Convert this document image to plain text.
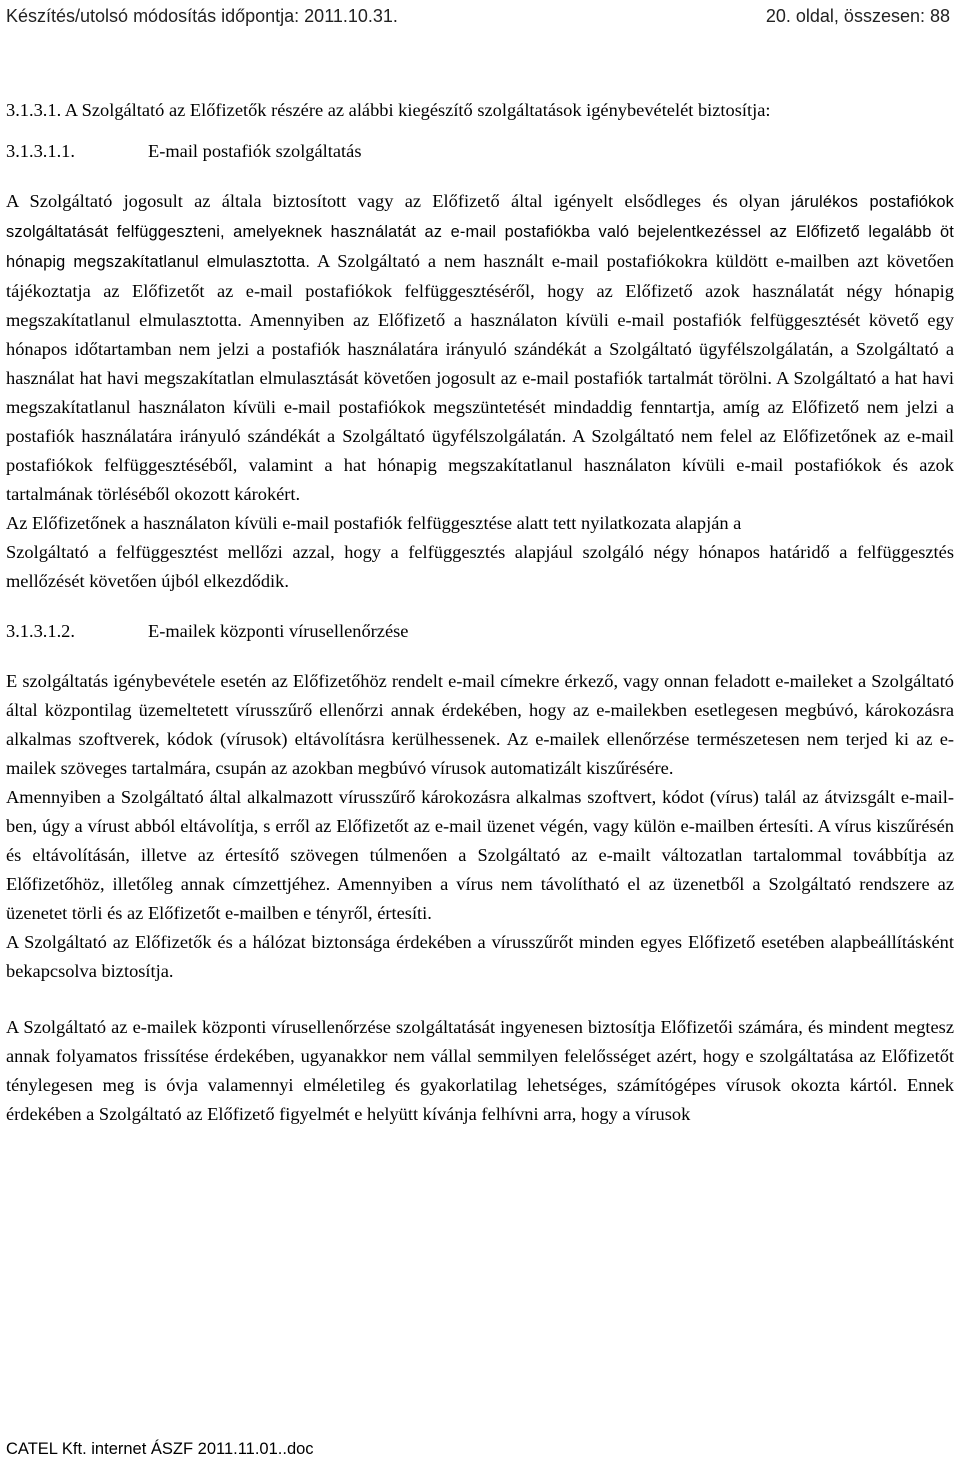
Készítés/utolsó módosítás időpontja: 2011.10.31.	20. oldal, összesen: 88

3.1.3.1. A Szolgáltató az Előfizetők részére az alábbi kiegészítő szolgáltatások igénybevételét biztosítja:

3.1.3.1.1.	E-mail postafiók szolgáltatás

A Szolgáltató jogosult az általa biztosított vagy az Előfizető által igényelt elsődleges és olyan járulékos postafiókok szolgáltatását felfüggeszteni, amelyeknek használatát az e-mail postafiókba való bejelentkezéssel az Előfizető legalább öt hónapig megszakítatlanul elmulasztotta. A Szolgáltató a nem használt e-mail postafiókokra küldött e-mailben azt követően tájékoztatja az Előfizetőt az e-mail postafiókok felfüggesztéséről, hogy az Előfizető azok használatát négy hónapig megszakítatlanul elmulasztotta. Amennyiben az Előfizető a használaton kívüli e-mail postafiók felfüggesztését követő egy hónapos időtartamban nem jelzi a postafiók használatára irányuló szándékát a Szolgáltató ügyfélszolgálatán, a Szolgáltató a használat hat havi megszakítatlan elmulasztását követően jogosult az e-mail postafiók tartalmát törölni. A Szolgáltató a hat havi megszakítatlanul használaton kívüli e-mail postafiókok megszüntetését mindaddig fenntartja, amíg az Előfizető nem jelzi a postafiók használatára irányuló szándékát a Szolgáltató ügyfélszolgálatán. A Szolgáltató nem felel az Előfizetőnek az e-mail postafiókok felfüggesztéséből, valamint a hat hónapig megszakítatlanul használaton kívüli e-mail postafiókok és azok tartalmának törléséből okozott károkért.

Az Előfizetőnek a használaton kívüli e-mail postafiók felfüggesztése alatt tett nyilatkozata alapján a

Szolgáltató a felfüggesztést mellőzi azzal, hogy a felfüggesztés alapjául szolgáló négy hónapos határidő a felfüggesztés mellőzését követően újból elkezdődik.

3.1.3.1.2.	E-mailek központi vírusellenőrzése

E szolgáltatás igénybevétele esetén az Előfizetőhöz rendelt e-mail címekre érkező, vagy onnan feladott e-maileket a Szolgáltató által központilag üzemeltetett vírusszűrő ellenőrzi annak érdekében, hogy az e-mailekben esetlegesen megbúvó, károkozásra alkalmas szoftverek, kódok (vírusok) eltávolításra kerülhessenek. Az e-mailek ellenőrzése természetesen nem terjed ki az e-mailek szöveges tartalmára, csupán az azokban megbúvó vírusok automatizált kiszűrésére.

Amennyiben a Szolgáltató által alkalmazott vírusszűrő károkozásra alkalmas szoftvert, kódot (vírus) talál az átvizsgált e-mail-ben, úgy a vírust abból eltávolítja, s erről az Előfizetőt az e-mail üzenet végén, vagy külön e-mailben értesíti. A vírus kiszűrésén és eltávolításán, illetve az értesítő szövegen túlmenően a Szolgáltató az e-mailt változatlan tartalommal továbbítja az Előfizetőhöz, illetőleg annak címzettjéhez. Amennyiben a vírus nem távolítható el az üzenetből a Szolgáltató rendszere az üzenetet törli és az Előfizetőt e-mailben e tényről, értesíti.

A Szolgáltató az Előfizetők és a hálózat biztonsága érdekében a vírusszűrőt minden egyes Előfizető esetében alapbeállításként bekapcsolva biztosítja.

A Szolgáltató az e-mailek központi vírusellenőrzése szolgáltatását ingyenesen biztosítja Előfizetői számára, és mindent megtesz annak folyamatos frissítése érdekében, ugyanakkor nem vállal semmilyen felelősséget azért, hogy e szolgáltatása az Előfizetőt ténylegesen meg is óvja valamennyi elméletileg és gyakorlatilag lehetséges, számítógépes vírusok okozta kártól. Ennek érdekében a Szolgáltató az Előfizető figyelmét e helyütt kívánja felhívni arra, hogy a vírusok

CATEL Kft. internet ÁSZF 2011.11.01..doc
